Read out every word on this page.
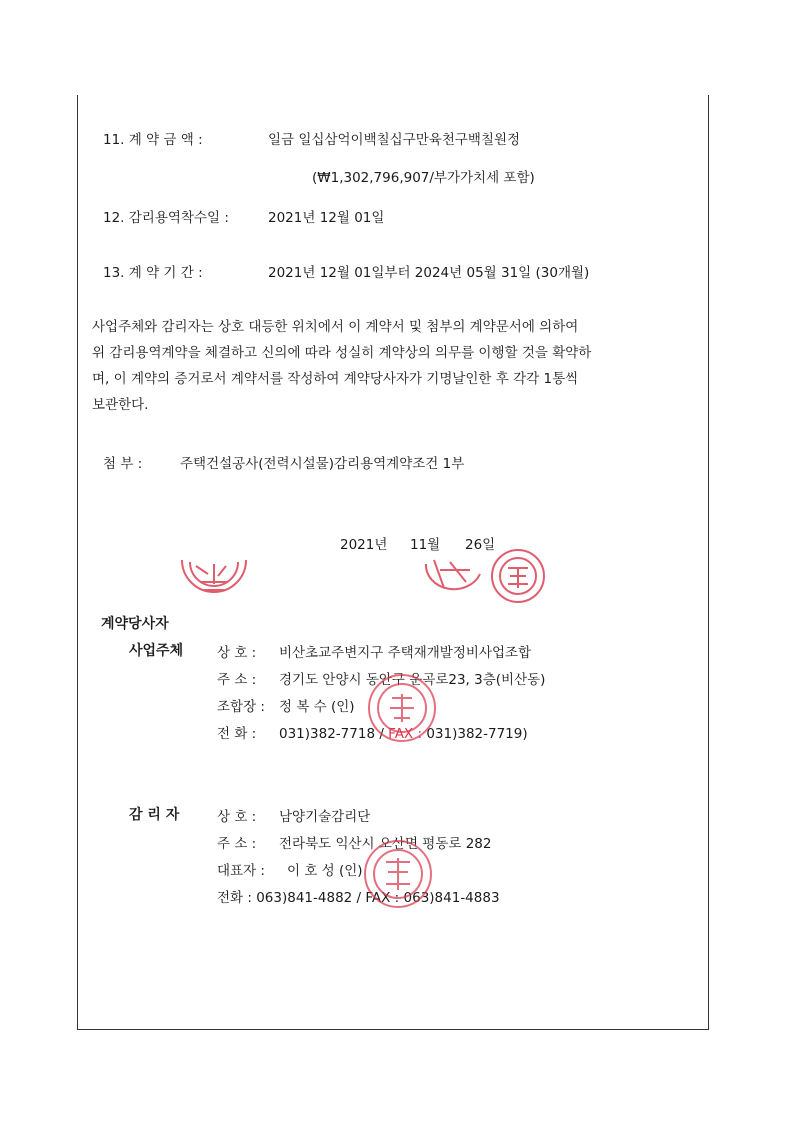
11. 계 약 금 액 :	일금 일십삼억이백칠십구만육천구백칠원정
(₩1,302,796,907/부가가치세 포함)
12. 감리용역착수일 :	2021년 12월 01일
13. 계 약 기 간 :	2021년 12월 01일부터 2024년 05월 31일 (30개월)
사업주체와 감리자는 상호 대등한 위치에서 이 계약서 및 첨부의 계약문서에 의하여
위 감리용역계약을 체결하고 신의에 따라 성실히 계약상의 의무를 이행할 것을 확약하
며, 이 계약의 증거로서 계약서를 작성하여 계약당사자가 기명날인한 후 각각 1통씩
보관한다.
첨 부 :	주택건설공사(전력시설물)감리용역계약조건 1부
2021년 11월 26일
계약당사자
사업주체	상 호 : 비산초교주변지구 주택재개발정비사업조합
주 소 : 경기도 안양시 동안구 운곡로23, 3층(비산동)
조합장 : 정 복 수 (인)
전 화 : 031)382-7718 / FAX : 031)382-7719)
감 리 자	상 호 : 남양기술감리단
주 소 : 전라북도 익산시 오산면 평동로 282
대표자 : 이 호 성 (인)
전화 : 063)841-4882 / FAX : 063)841-4883
